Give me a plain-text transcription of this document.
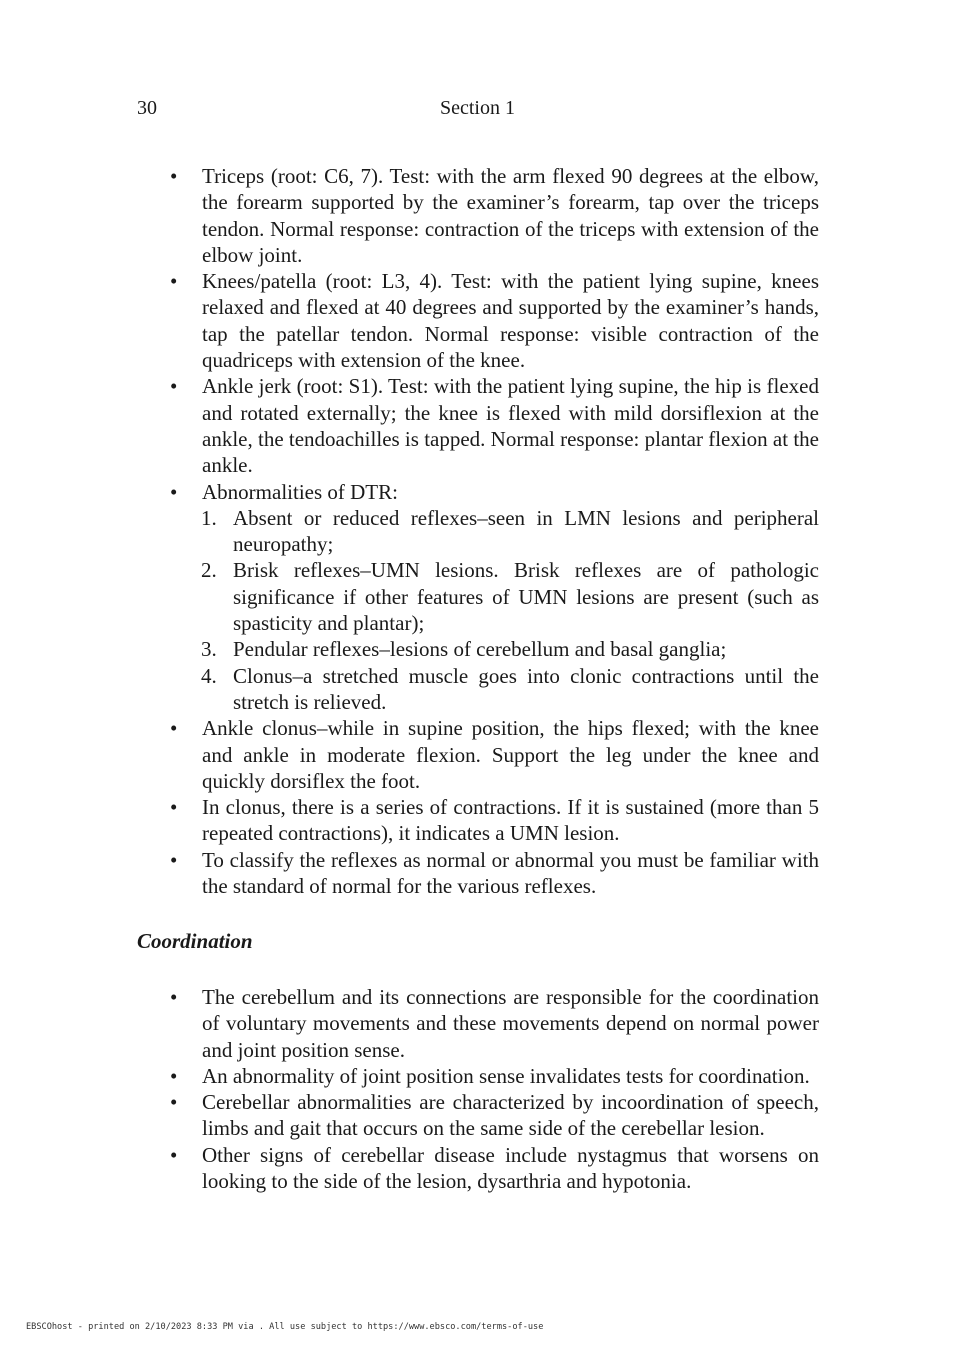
30	Section 1
• Triceps (root: C6, 7). Test: with the arm flexed 90 degrees at the elbow, the forearm supported by the examiner’s forearm, tap over the triceps tendon. Normal response: contraction of the triceps with extension of the elbow joint.
• Knees/patella (root: L3, 4). Test: with the patient lying supine, knees relaxed and flexed at 40 degrees and supported by the examiner’s hands, tap the patellar tendon. Normal response: visible contraction of the quadriceps with extension of the knee.
• Ankle jerk (root: S1). Test: with the patient lying supine, the hip is flexed and rotated externally; the knee is flexed with mild dorsiflexion at the ankle, the tendoachilles is tapped. Normal response: plantar flexion at the ankle.
• Abnormalities of DTR:
1. Absent or reduced reflexes–seen in LMN lesions and peripheral neuropathy;
2. Brisk reflexes–UMN lesions. Brisk reflexes are of pathologic significance if other features of UMN lesions are present (such as spasticity and plantar);
3. Pendular reflexes–lesions of cerebellum and basal ganglia;
4. Clonus–a stretched muscle goes into clonic contractions until the stretch is relieved.
• Ankle clonus–while in supine position, the hips flexed; with the knee and ankle in moderate flexion. Support the leg under the knee and quickly dorsiflex the foot.
• In clonus, there is a series of contractions. If it is sustained (more than 5 repeated contractions), it indicates a UMN lesion.
• To classify the reflexes as normal or abnormal you must be familiar with the standard of normal for the various reflexes.
Coordination
• The cerebellum and its connections are responsible for the coordination of voluntary movements and these movements depend on normal power and joint position sense.
• An abnormality of joint position sense invalidates tests for coordination.
• Cerebellar abnormalities are characterized by incoordination of speech, limbs and gait that occurs on the same side of the cerebellar lesion.
• Other signs of cerebellar disease include nystagmus that worsens on looking to the side of the lesion, dysarthria and hypotonia.
EBSCOhost - printed on 2/10/2023 8:33 PM via . All use subject to https://www.ebsco.com/terms-of-use
